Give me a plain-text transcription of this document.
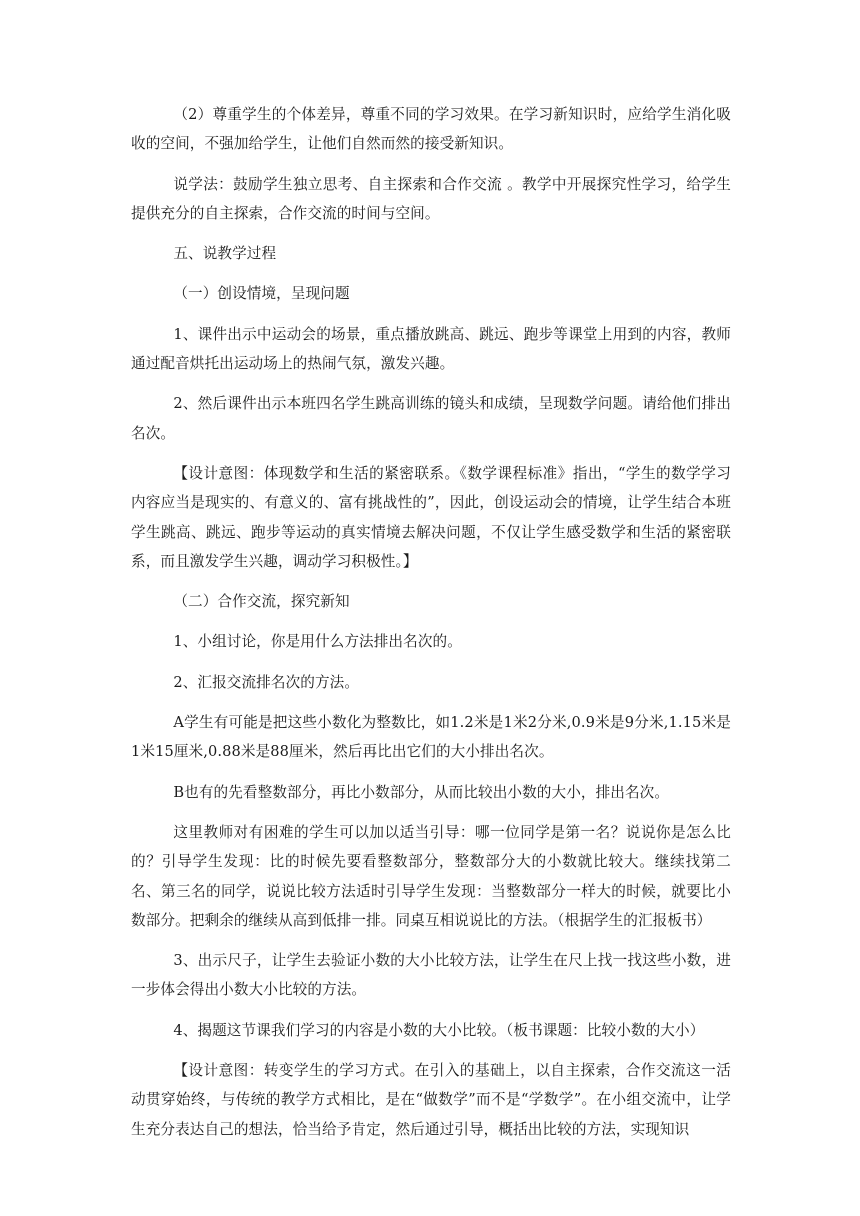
（2）尊重学生的个体差异，尊重不同的学习效果。在学习新知识时，应给学生消化吸收的空间，不强加给学生，让他们自然而然的接受新知识。

说学法：鼓励学生独立思考、自主探索和合作交流 。教学中开展探究性学习，给学生提供充分的自主探索，合作交流的时间与空间。

五、说教学过程

（一）创设情境，呈现问题

1、课件出示中运动会的场景，重点播放跳高、跳远、跑步等课堂上用到的内容，教师通过配音烘托出运动场上的热闹气氛，激发兴趣。

2、然后课件出示本班四名学生跳高训练的镜头和成绩，呈现数学问题。请给他们排出名次。

【设计意图：体现数学和生活的紧密联系。《数学课程标准》指出，“学生的数学学习内容应当是现实的、有意义的、富有挑战性的”，因此，创设运动会的情境，让学生结合本班学生跳高、跳远、跑步等运动的真实情境去解决问题，不仅让学生感受数学和生活的紧密联系，而且激发学生兴趣，调动学习积极性。】

（二）合作交流，探究新知

1、小组讨论，你是用什么方法排出名次的。

2、汇报交流排名次的方法。

A学生有可能是把这些小数化为整数比，如1.2米是1米2分米,0.9米是9分米,1.15米是1米15厘米,0.88米是88厘米，然后再比出它们的大小排出名次。

B也有的先看整数部分，再比小数部分，从而比较出小数的大小，排出名次。

这里教师对有困难的学生可以加以适当引导：哪一位同学是第一名？说说你是怎么比的？引导学生发现：比的时候先要看整数部分，整数部分大的小数就比较大。继续找第二名、第三名的同学，说说比较方法适时引导学生发现：当整数部分一样大的时候，就要比小数部分。把剩余的继续从高到低排一排。同桌互相说说比的方法。（根据学生的汇报板书）

3、出示尺子，让学生去验证小数的大小比较方法，让学生在尺上找一找这些小数，进一步体会得出小数大小比较的方法。

4、揭题这节课我们学习的内容是小数的大小比较。（板书课题：比较小数的大小）

【设计意图：转变学生的学习方式。在引入的基础上，以自主探索，合作交流这一活动贯穿始终，与传统的教学方式相比，是在“做数学”而不是“学数学”。在小组交流中，让学生充分表达自己的想法，恰当给予肯定，然后通过引导，概括出比较的方法，实现知识
